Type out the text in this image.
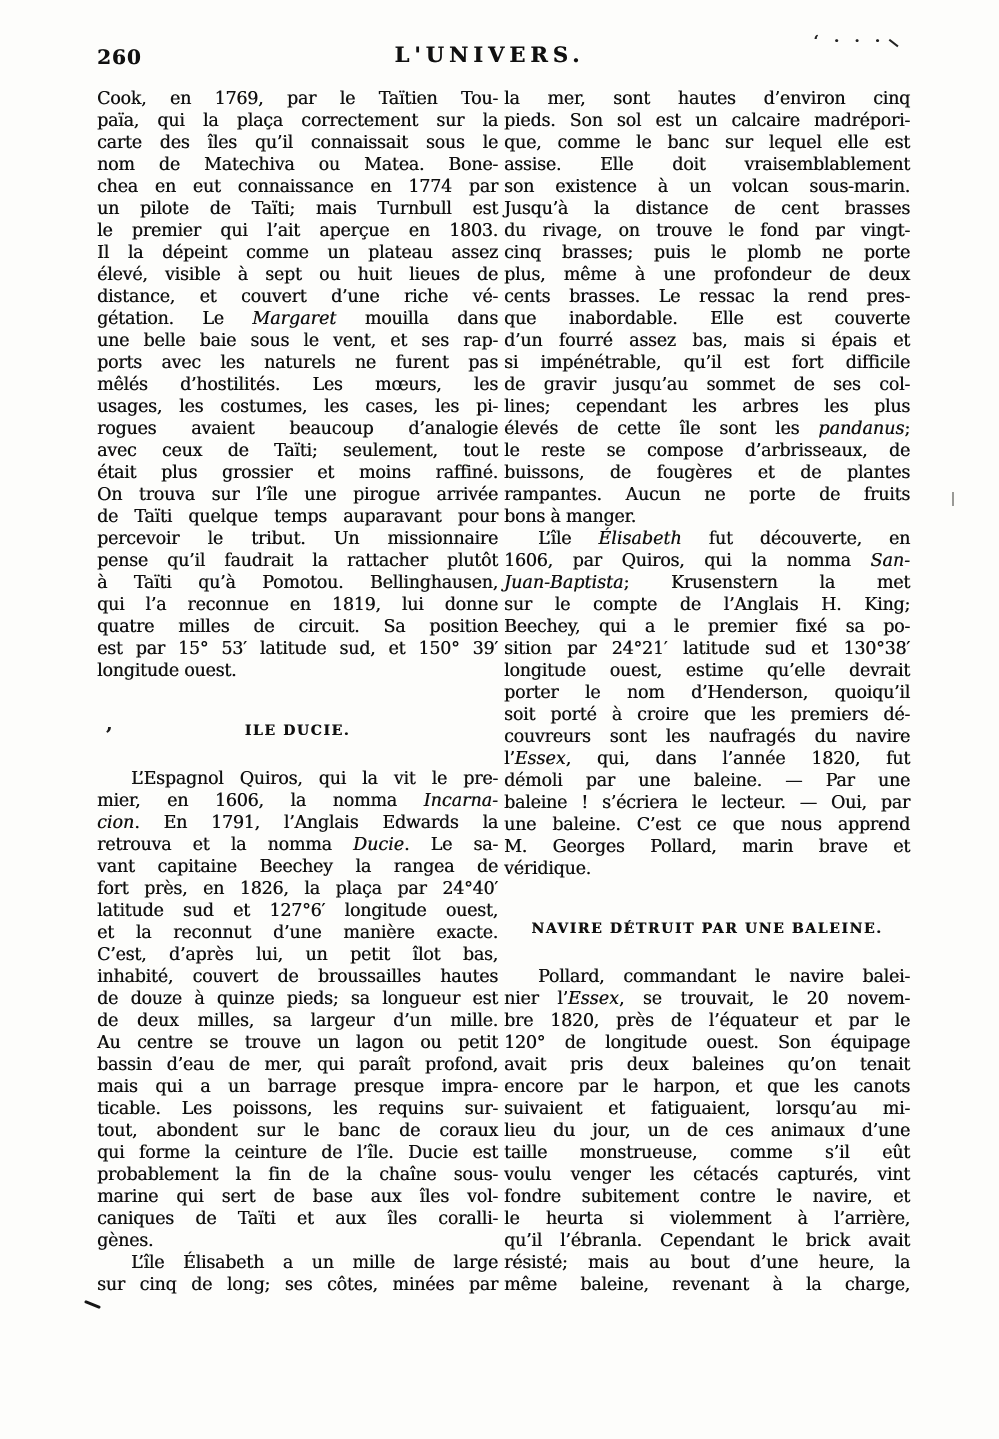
260	L'UNIVERS.
‘ · · ·
Cook, en 1769, par le Taïtien Tou-
païa, qui la plaça correctement sur la
carte des îles qu’il connaissait sous le
nom de Matechiva ou Matea. Bone-
chea en eut connaissance en 1774 par
un pilote de Taïti; mais Turnbull est
le premier qui l’ait aperçue en 1803.
Il la dépeint comme un plateau assez
élevé, visible à sept ou huit lieues de
distance, et couvert d’une riche vé-
gétation. Le Margaret mouilla dans
une belle baie sous le vent, et ses rap-
ports avec les naturels ne furent pas
mêlés d’hostilités. Les mœurs, les
usages, les costumes, les cases, les pi-
rogues avaient beaucoup d’analogie
avec ceux de Taïti; seulement, tout
était plus grossier et moins raffiné.
On trouva sur l’île une pirogue arrivée
de Taïti quelque temps auparavant pour
percevoir le tribut. Un missionnaire
pense qu’il faudrait la rattacher plutôt
à Taïti qu’à Pomotou. Bellinghausen,
qui l’a reconnue en 1819, lui donne
quatre milles de circuit. Sa position
est par 15° 53′ latitude sud, et 150° 39′
longitude ouest.
ILE DUCIE.
L’Espagnol Quiros, qui la vit le pre-
mier, en 1606, la nomma Incarna-
cion. En 1791, l’Anglais Edwards la
retrouva et la nomma Ducie. Le sa-
vant capitaine Beechey la rangea de
fort près, en 1826, la plaça par 24°40′
latitude sud et 127°6′ longitude ouest,
et la reconnut d’une manière exacte.
C’est, d’après lui, un petit îlot bas,
inhabité, couvert de broussailles hautes
de douze à quinze pieds; sa longueur est
de deux milles, sa largeur d’un mille.
Au centre se trouve un lagon ou petit
bassin d’eau de mer, qui paraît profond,
mais qui a un barrage presque impra-
ticable. Les poissons, les requins sur-
tout, abondent sur le banc de coraux
qui forme la ceinture de l’île. Ducie est
probablement la fin de la chaîne sous-
marine qui sert de base aux îles vol-
caniques de Taïti et aux îles coralli-
gènes.
L’île Élisabeth a un mille de large
sur cinq de long; ses côtes, minées par
la mer, sont hautes d’environ cinq
pieds. Son sol est un calcaire madrépori-
que, comme le banc sur lequel elle est
assise. Elle doit vraisemblablement
son existence à un volcan sous-marin.
Jusqu’à la distance de cent brasses
du rivage, on trouve le fond par vingt-
cinq brasses; puis le plomb ne porte
plus, même à une profondeur de deux
cents brasses. Le ressac la rend pres-
que inabordable. Elle est couverte
d’un fourré assez bas, mais si épais et
si impénétrable, qu’il est fort difficile
de gravir jusqu’au sommet de ses col-
lines; cependant les arbres les plus
élevés de cette île sont les pandanus;
le reste se compose d’arbrisseaux, de
buissons, de fougères et de plantes
rampantes. Aucun ne porte de fruits
bons à manger.
L’île Élisabeth fut découverte, en
1606, par Quiros, qui la nomma San-
Juan-Baptista; Krusenstern la met
sur le compte de l’Anglais H. King;
Beechey, qui a le premier fixé sa po-
sition par 24°21′ latitude sud et 130°38′
longitude ouest, estime qu’elle devrait
porter le nom d’Henderson, quoiqu’il
soit porté à croire que les premiers dé-
couvreurs sont les naufragés du navire
l’Essex, qui, dans l’année 1820, fut
démoli par une baleine. — Par une
baleine ! s’écriera le lecteur. — Oui, par
une baleine. C’est ce que nous apprend
M. Georges Pollard, marin brave et
véridique.
NAVIRE DÉTRUIT PAR UNE BALEINE.
Pollard, commandant le navire balei-
nier l’Essex, se trouvait, le 20 novem-
bre 1820, près de l’équateur et par le
120° de longitude ouest. Son équipage
avait pris deux baleines qu’on tenait
encore par le harpon, et que les canots
suivaient et fatiguaient, lorsqu’au mi-
lieu du jour, un de ces animaux d’une
taille monstrueuse, comme s’il eût
voulu venger les cétacés capturés, vint
fondre subitement contre le navire, et
le heurta si violemment à l’arrière,
qu’il l’ébranla. Cependant le brick avait
résisté; mais au bout d’une heure, la
même baleine, revenant à la charge,
,
